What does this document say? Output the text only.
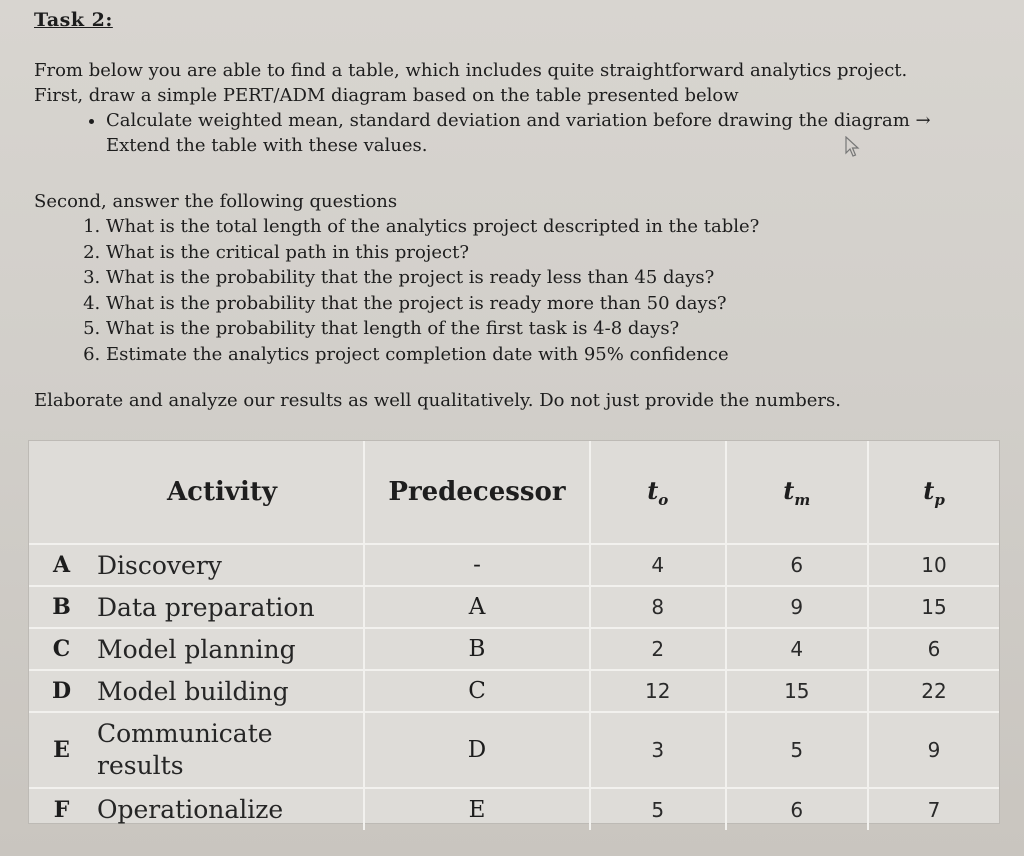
Task 2:

From below you are able to find a table, which includes quite straightforward analytics project.

First, draw a simple PERT/ADM diagram based on the table presented below

• Calculate weighted mean, standard deviation and variation before drawing the diagram →
Extend the table with these values.

Second, answer the following questions

1. What is the total length of the analytics project descripted in the table?
2. What is the critical path in this project?
3. What is the probability that the project is ready less than 45 days?
4. What is the probability that the project is ready more than 50 days?
5. What is the probability that length of the first task is 4-8 days?
6. Estimate the analytics project completion date with 95% confidence
Elaborate and analyze our results as well qualitatively. Do not just provide the numbers.
	Activity	Predecessor	$t_o$	$t_m$	$t_p$
A	Discovery	-	4	6	10
B	Data preparation	A	8	9	15
C	Model planning	B	2	4	6
D	Model building	C	12	15	22
E	Communicate
results	D	3	5	9
F	Operationalize	E	5	6	7
